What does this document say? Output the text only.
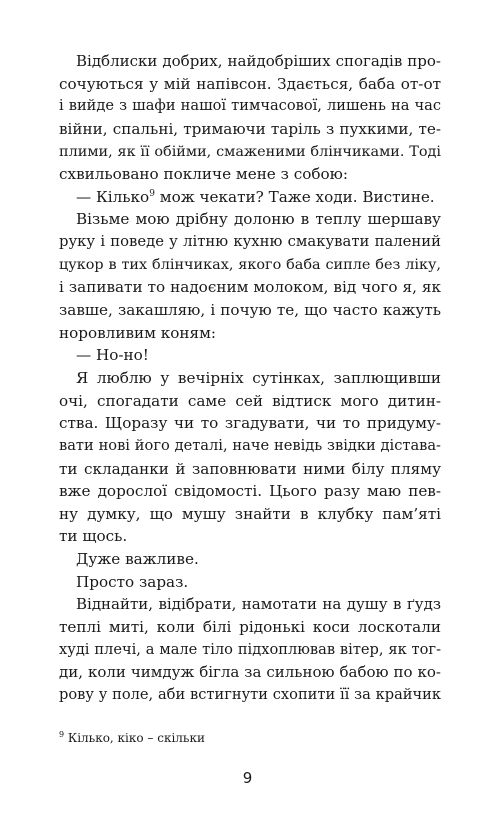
Відблиски добрих, найдобріших спогадів про-
сочуються у мій напівсон. Здається, баба от-от
і вийде з шафи нашої тимчасової, лишень на час
війни, спальні, тримаючи таріль з пухкими, те-
плими, як її обійми, смаженими блінчиками. Тоді
схвильовано покличе мене з собою:
— Кілько$^9$ мож чекати? Таже ходи. Вистине.
Візьме мою дрібну долоню в теплу шершаву
руку і поведе у літню кухню смакувати палений
цукор в тих блінчиках, якого баба сипле без ліку,
і запивати то надоєним молоком, від чого я, як
завше, закашляю, і почую те, що часто кажуть
норовливим коням:
— Но-но!
Я люблю у вечірніх сутінках, заплющивши
очі, спогадати саме сей відтиск мого дитин-
ства. Щоразу чи то згадувати, чи то придуму-
вати нові його деталі, наче невідь звідки дістава-
ти складанки й заповнювати ними білу пляму
вже дорослої свідомості. Цього разу маю пев-
ну думку, що мушу знайти в клубку пам’яті
ти щось.
Дуже важливе.
Просто зараз.
Віднайти, відібрати, намотати на душу в ґудз
теплі миті, коли білі рідонькі коси лоскотали
худі плечі, а мале тіло підхоплював вітер, як тог-
ди, коли чимдуж бігла за сильною бабою по ко-
рову у поле, аби встигнути схопити її за крайчик
$^9$ Кілько, кіко – скільки
9
